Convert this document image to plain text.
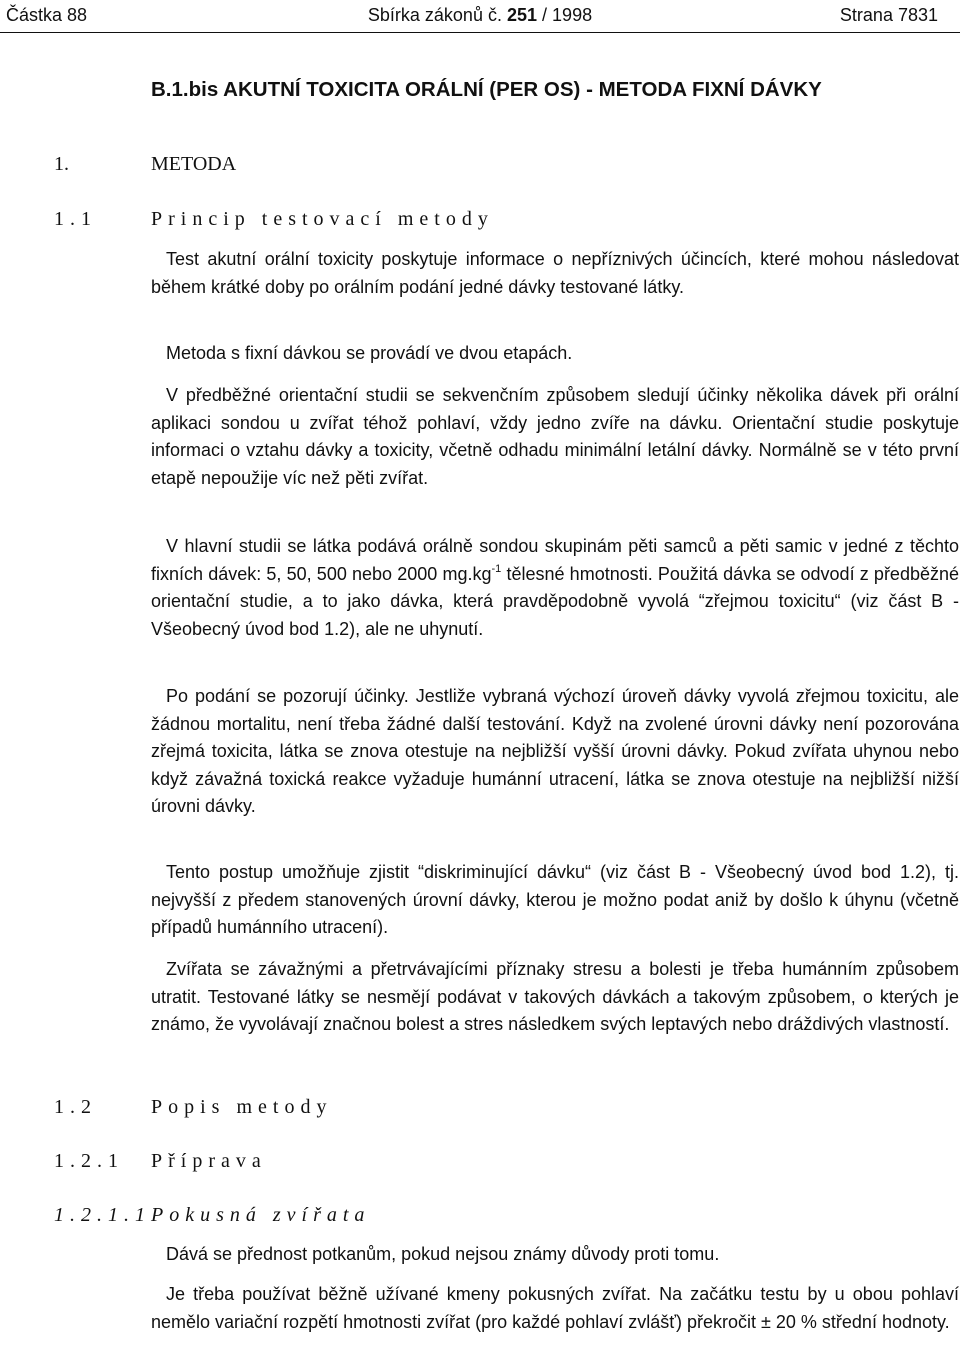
Částka 88	Sbírka zákonů č. 251 / 1998	Strana 7831
B.1.bis AKUTNÍ TOXICITA ORÁLNÍ (PER OS) - METODA FIXNÍ DÁVKY
1.	METODA
1.1	Princip testovací metody

Test akutní orální toxicity poskytuje informace o nepříznivých účincích, které mohou následovat během krátké doby po orálním podání jedné dávky testované látky.

Metoda s fixní dávkou se provádí ve dvou etapách.

V předběžné orientační studii se sekvenčním způsobem sledují účinky několika dávek při orální aplikaci sondou u zvířat téhož pohlaví, vždy jedno zvíře na dávku. Orientační studie poskytuje informaci o vztahu dávky a toxicity, včetně odhadu minimální letální dávky. Normálně se v této první etapě nepoužije víc než pěti zvířat.

V hlavní studii se látka podává orálně sondou skupinám pěti samců a pěti samic v jedné z těchto fixních dávek: 5, 50, 500 nebo 2000 $mg.kg^{-1}$ tělesné hmotnosti. Použitá dávka se odvodí z předběžné orientační studie, a to jako dávka, která pravděpodobně vyvolá “zřejmou toxicitu“ (viz část B - Všeobecný úvod bod 1.2), ale ne uhynutí.

Po podání se pozorují účinky. Jestliže vybraná výchozí úroveň dávky vyvolá zřejmou toxicitu, ale žádnou mortalitu, není třeba žádné další testování. Když na zvolené úrovni dávky není pozorována zřejmá toxicita, látka se znova otestuje na nejbližší vyšší úrovni dávky. Pokud zvířata uhynou nebo když závažná toxická reakce vyžaduje humánní utracení, látka se znova otestuje na nejbližší nižší úrovni dávky.

Tento postup umožňuje zjistit “diskriminující dávku“ (viz část B - Všeobecný úvod bod 1.2), tj. nejvyšší z předem stanovených úrovní dávky, kterou je možno podat aniž by došlo k úhynu (včetně případů humánního utracení).

Zvířata se závažnými a přetrvávajícími příznaky stresu a bolesti je třeba humánním způsobem utratit. Testované látky se nesmějí podávat v takových dávkách a takovým způsobem, o kterých je známo, že vyvolávají značnou bolest a stres následkem svých leptavých nebo dráždivých vlastností.

1.2	Popis metody
1.2.1 Příprava
1.2.1.1 Pokusná zvířata

Dává se přednost potkanům, pokud nejsou známy důvody proti tomu.

Je třeba používat běžně užívané kmeny pokusných zvířat. Na začátku testu by u obou pohlaví nemělo variační rozpětí hmotnosti zvířat (pro každé pohlaví zvlášť) překročit ± 20 % střední hodnoty.
